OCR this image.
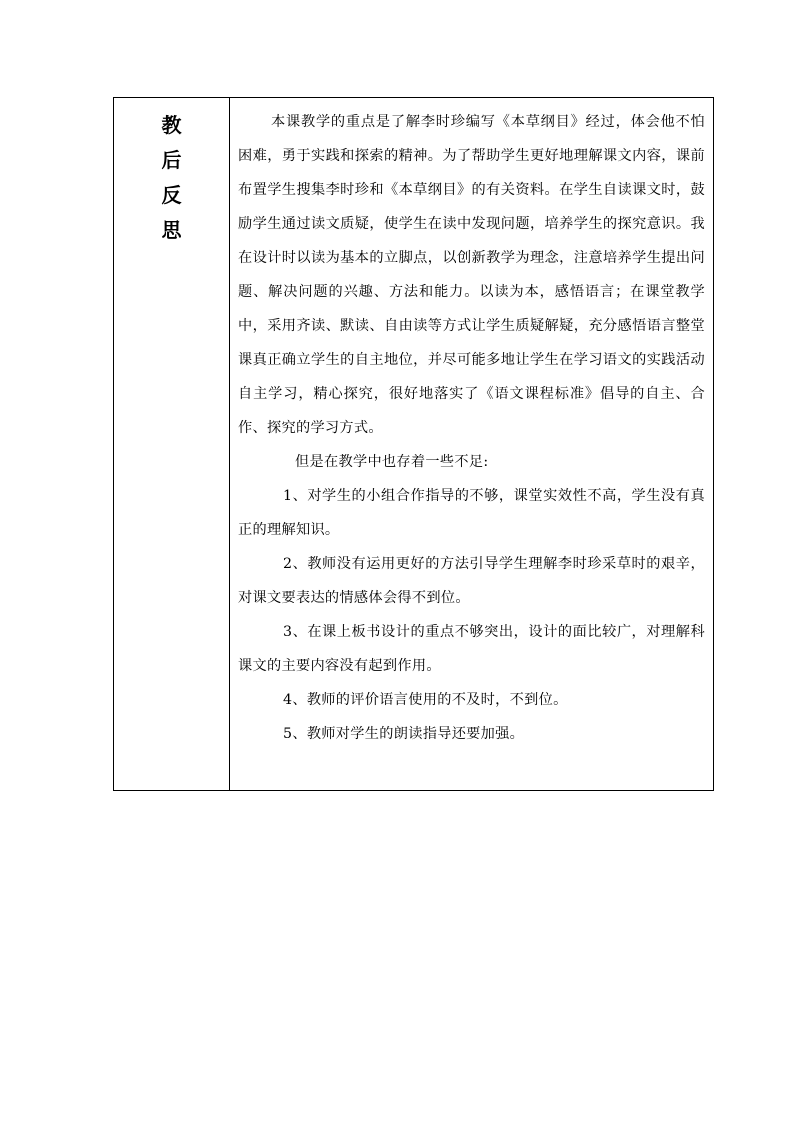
教
后
反
思

本课教学的重点是了解李时珍编写《本草纲目》经过，体会他不怕困难，勇于实践和探索的精神。为了帮助学生更好地理解课文内容，课前布置学生搜集李时珍和《本草纲目》的有关资料。在学生自读课文时，鼓励学生通过读文质疑，使学生在读中发现问题，培养学生的探究意识。我在设计时以读为基本的立脚点，以创新教学为理念，注意培养学生提出问题、解决问题的兴趣、方法和能力。以读为本，感悟语言；在课堂教学中，采用齐读、默读、自由读等方式让学生质疑解疑，充分感悟语言整堂课真正确立学生的自主地位，并尽可能多地让学生在学习语文的实践活动自主学习，精心探究，很好地落实了《语文课程标准》倡导的自主、合作、探究的学习方式。

但是在教学中也存着一些不足:

1、对学生的小组合作指导的不够，课堂实效性不高，学生没有真正的理解知识。

2、教师没有运用更好的方法引导学生理解李时珍采草时的艰辛，对课文要表达的情感体会得不到位。

3、在课上板书设计的重点不够突出，设计的面比较广，对理解科课文的主要内容没有起到作用。

4、教师的评价语言使用的不及时，不到位。

5、教师对学生的朗读指导还要加强。
